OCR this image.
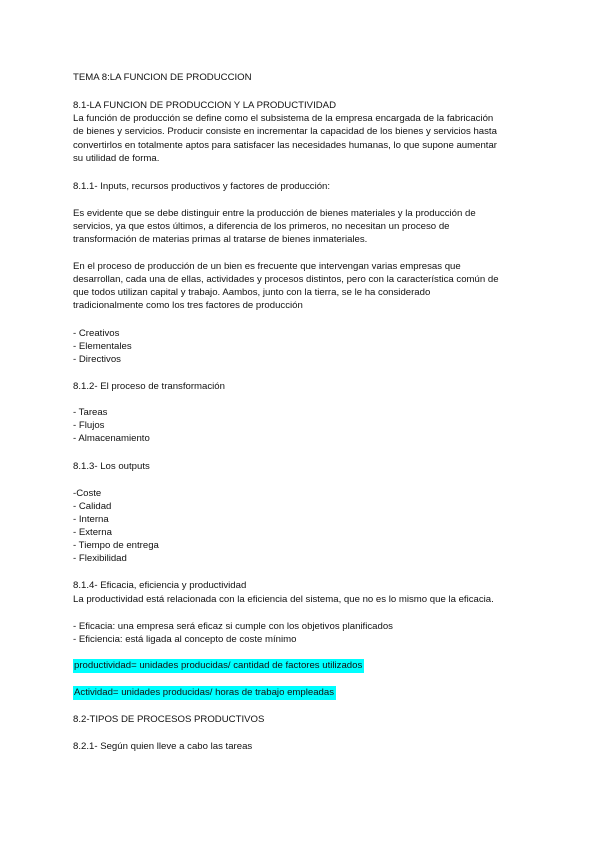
TEMA 8:LA FUNCION DE PRODUCCION

8.1-LA FUNCION DE PRODUCCION Y LA PRODUCTIVIDAD

La función de producción se define como el subsistema de la empresa encargada de la fabricación

de bienes y servicios. Producir consiste en incrementar la capacidad de los bienes y servicios hasta

convertirlos en totalmente aptos para satisfacer las necesidades humanas, lo que supone aumentar

su utilidad de forma.

8.1.1- Inputs, recursos productivos y factores de producción:

Es evidente que se debe distinguir entre la producción de bienes materiales y la producción de

servicios, ya que estos últimos, a diferencia de los primeros, no necesitan un proceso de

transformación de materias primas al tratarse de bienes inmateriales.

En el proceso de producción de un bien es frecuente que intervengan varias empresas que

desarrollan, cada una de ellas, actividades y procesos distintos, pero con la característica común de

que todos utilizan capital y trabajo. Aambos, junto con la tierra, se le ha considerado

tradicionalmente como los tres factores de producción

- Creativos

- Elementales

- Directivos

8.1.2- El proceso de transformación

- Tareas

- Flujos

- Almacenamiento

8.1.3- Los outputs

-Coste

- Calidad

- Interna

- Externa

- Tiempo de entrega

- Flexibilidad

8.1.4- Eficacia, eficiencia y productividad

La productividad está relacionada con la eficiencia del sistema, que no es lo mismo que la eficacia.

- Eficacia: una empresa será eficaz si cumple con los objetivos planificados

- Eficiencia: está ligada al concepto de coste mínimo

productividad= unidades producidas/ cantidad de factores utilizados

Actividad= unidades producidas/ horas de trabajo empleadas

8.2-TIPOS DE PROCESOS PRODUCTIVOS

8.2.1- Según quien lleve a cabo las tareas
